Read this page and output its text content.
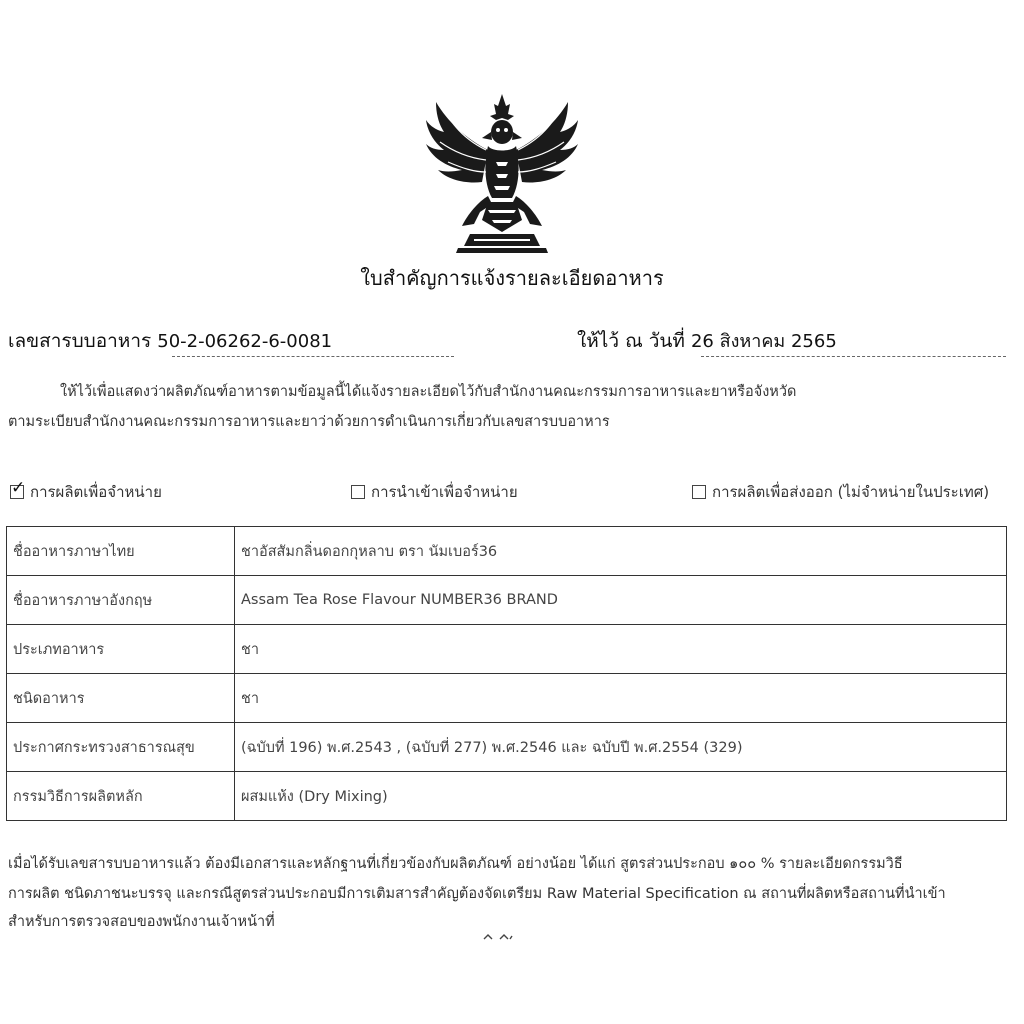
ใบสำคัญการแจ้งรายละเอียดอาหาร
เลขสารบบอาหาร 50-2-06262-6-0081	ให้ไว้ ณ วันที่ 26 สิงหาคม 2565
ให้ไว้เพื่อแสดงว่าผลิตภัณฑ์อาหารตามข้อมูลนี้ได้แจ้งรายละเอียดไว้กับสำนักงานคณะกรรมการอาหารและยาหรือจังหวัด
ตามระเบียบสำนักงานคณะกรรมการอาหารและยาว่าด้วยการดำเนินการเกี่ยวกับเลขสารบบอาหาร
✓ การผลิตเพื่อจำหน่าย	การนำเข้าเพื่อจำหน่าย	การผลิตเพื่อส่งออก (ไม่จำหน่ายในประเทศ)
ชื่ออาหารภาษาไทย	ชาอัสสัมกลิ่นดอกกุหลาบ ตรา นัมเบอร์36
ชื่ออาหารภาษาอังกฤษ	Assam Tea Rose Flavour NUMBER36 BRAND
ประเภทอาหาร	ชา
ชนิดอาหาร	ชา
ประกาศกระทรวงสาธารณสุข	(ฉบับที่ 196) พ.ศ.2543 , (ฉบับที่ 277) พ.ศ.2546 และ ฉบับปี พ.ศ.2554 (329)
กรรมวิธีการผลิตหลัก	ผสมแห้ง (Dry Mixing)
เมื่อได้รับเลขสารบบอาหารแล้ว ต้องมีเอกสารและหลักฐานที่เกี่ยวข้องกับผลิตภัณฑ์ อย่างน้อย ได้แก่ สูตรส่วนประกอบ ๑๐๐ % รายละเอียดกรรมวิธี
การผลิต ชนิดภาชนะบรรจุ และกรณีสูตรส่วนประกอบมีการเติมสารสำคัญต้องจัดเตรียม Raw Material Specification ณ สถานที่ผลิตหรือสถานที่นำเข้า
สำหรับการตรวจสอบของพนักงานเจ้าหน้าที่
